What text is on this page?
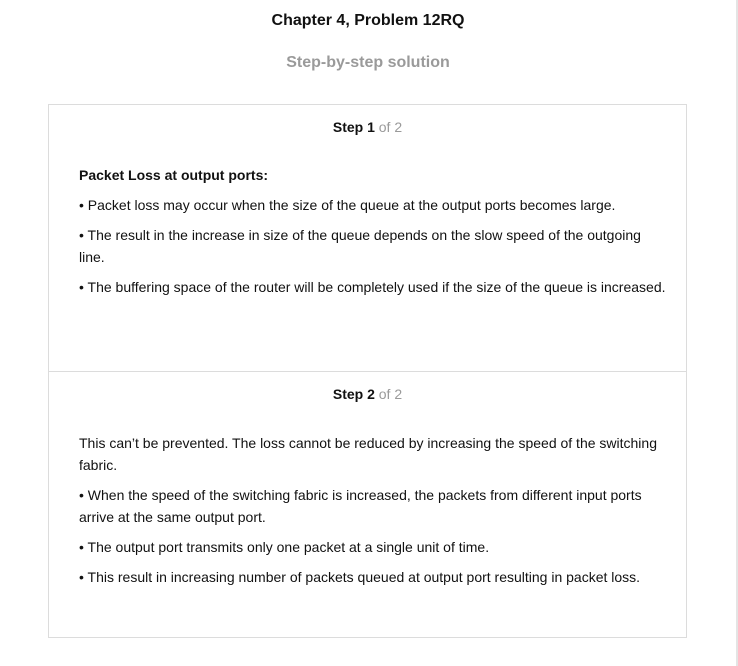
Chapter 4, Problem 12RQ
Step-by-step solution
Step 1 of 2

Packet Loss at output ports:

• Packet loss may occur when the size of the queue at the output ports becomes large.

• The result in the increase in size of the queue depends on the slow speed of the outgoing line.

• The buffering space of the router will be completely used if the size of the queue is increased.

Step 2 of 2

This can’t be prevented. The loss cannot be reduced by increasing the speed of the switching fabric.

• When the speed of the switching fabric is increased, the packets from different input ports arrive at the same output port.

• The output port transmits only one packet at a single unit of time.

• This result in increasing number of packets queued at output port resulting in packet loss.
